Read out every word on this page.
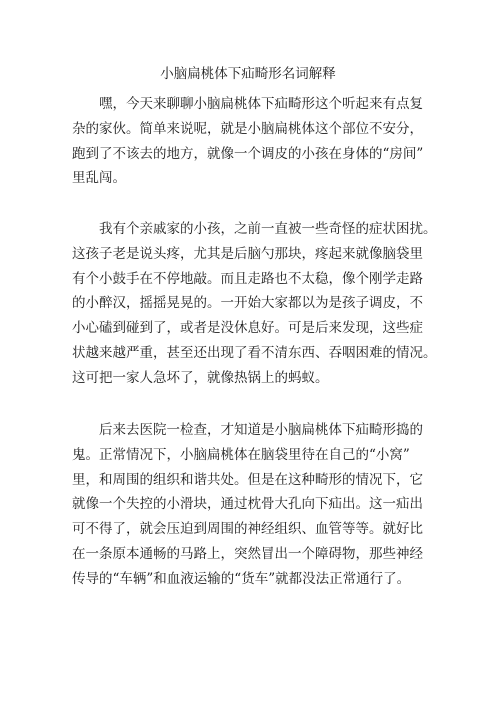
小脑扁桃体下疝畸形名词解释

嘿，今天来聊聊小脑扁桃体下疝畸形这个听起来有点复
杂的家伙。简单来说呢，就是小脑扁桃体这个部位不安分，
跑到了不该去的地方，就像一个调皮的小孩在身体的“房间”
里乱闯。

我有个亲戚家的小孩，之前一直被一些奇怪的症状困扰。
这孩子老是说头疼，尤其是后脑勺那块，疼起来就像脑袋里
有个小鼓手在不停地敲。而且走路也不太稳，像个刚学走路
的小醉汉，摇摇晃晃的。一开始大家都以为是孩子调皮，不
小心磕到碰到了，或者是没休息好。可是后来发现，这些症
状越来越严重，甚至还出现了看不清东西、吞咽困难的情况。
这可把一家人急坏了，就像热锅上的蚂蚁。

后来去医院一检查，才知道是小脑扁桃体下疝畸形捣的
鬼。正常情况下，小脑扁桃体在脑袋里待在自己的“小窝”
里，和周围的组织和谐共处。但是在这种畸形的情况下，它
就像一个失控的小滑块，通过枕骨大孔向下疝出。这一疝出
可不得了，就会压迫到周围的神经组织、血管等等。就好比
在一条原本通畅的马路上，突然冒出一个障碍物，那些神经
传导的“车辆”和血液运输的“货车”就都没法正常通行了。
